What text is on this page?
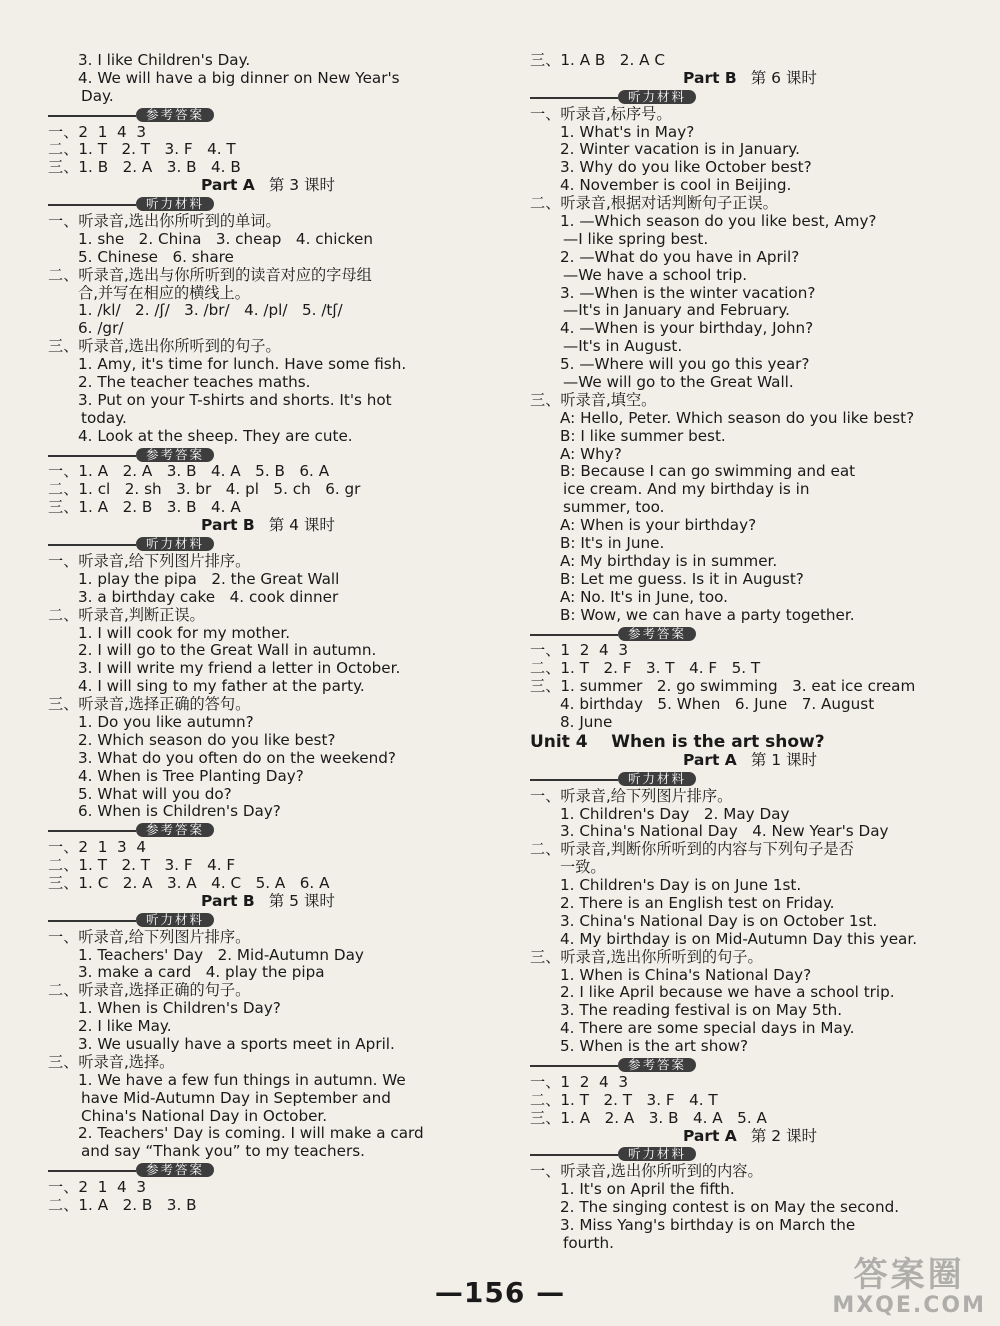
3. I like Children's Day.
4. We will have a big dinner on New Year's
Day.
参考答案
一、2  1  4  3
二、1. T   2. T   3. F   4. T
三、1. B   2. A   3. B   4. B
Part A 第 3 课时
听力材料
一、听录音,选出你所听到的单词。
1. she   2. China   3. cheap   4. chicken
5. Chinese   6. share
二、听录音,选出与你所听到的读音对应的字母组
合,并写在相应的横线上。
1. /kl/   2. /ʃ/   3. /br/   4. /pl/   5. /tʃ/
6. /gr/
三、听录音,选出你所听到的句子。
1. Amy, it's time for lunch. Have some fish.
2. The teacher teaches maths.
3. Put on your T-shirts and shorts. It's hot
today.
4. Look at the sheep. They are cute.
参考答案
一、1. A   2. A   3. B   4. A   5. B   6. A
二、1. cl   2. sh   3. br   4. pl   5. ch   6. gr
三、1. A   2. B   3. B   4. A
Part B 第 4 课时
听力材料
一、听录音,给下列图片排序。
1. play the pipa   2. the Great Wall
3. a birthday cake   4. cook dinner
二、听录音,判断正误。
1. I will cook for my mother.
2. I will go to the Great Wall in autumn.
3. I will write my friend a letter in October.
4. I will sing to my father at the party.
三、听录音,选择正确的答句。
1. Do you like autumn?
2. Which season do you like best?
3. What do you often do on the weekend?
4. When is Tree Planting Day?
5. What will you do?
6. When is Children's Day?
参考答案
一、2  1  3  4
二、1. T   2. T   3. F   4. F
三、1. C   2. A   3. A   4. C   5. A   6. A
Part B 第 5 课时
听力材料
一、听录音,给下列图片排序。
1. Teachers' Day   2. Mid-Autumn Day
3. make a card   4. play the pipa
二、听录音,选择正确的句子。
1. When is Children's Day?
2. I like May.
3. We usually have a sports meet in April.
三、听录音,选择。
1. We have a few fun things in autumn. We
have Mid-Autumn Day in September and
China's National Day in October.
2. Teachers' Day is coming. I will make a card
and say “Thank you” to my teachers.
参考答案
一、2  1  4  3
二、1. A   2. B   3. B
三、1. A B   2. A C
Part B 第 6 课时
听力材料
一、听录音,标序号。
1. What's in May?
2. Winter vacation is in January.
3. Why do you like October best?
4. November is cool in Beijing.
二、听录音,根据对话判断句子正误。
1. —Which season do you like best, Amy?
—I like spring best.
2. —What do you have in April?
—We have a school trip.
3. —When is the winter vacation?
—It's in January and February.
4. —When is your birthday, John?
—It's in August.
5. —Where will you go this year?
—We will go to the Great Wall.
三、听录音,填空。
A: Hello, Peter. Which season do you like best?
B: I like summer best.
A: Why?
B: Because I can go swimming and eat
ice cream. And my birthday is in
summer, too.
A: When is your birthday?
B: It's in June.
A: My birthday is in summer.
B: Let me guess. Is it in August?
A: No. It's in June, too.
B: Wow, we can have a party together.
参考答案
一、1  2  4  3
二、1. T   2. F   3. T   4. F   5. T
三、1. summer   2. go swimming   3. eat ice cream
4. birthday   5. When   6. June   7. August
8. June
Unit 4    When is the art show?
Part A 第 1 课时
听力材料
一、听录音,给下列图片排序。
1. Children's Day   2. May Day
3. China's National Day   4. New Year's Day
二、听录音,判断你所听到的内容与下列句子是否
一致。
1. Children's Day is on June 1st.
2. There is an English test on Friday.
3. China's National Day is on October 1st.
4. My birthday is on Mid-Autumn Day this year.
三、听录音,选出你所听到的句子。
1. When is China's National Day?
2. I like April because we have a school trip.
3. The reading festival is on May 5th.
4. There are some special days in May.
5. When is the art show?
参考答案
一、1  2  4  3
二、1. T   2. T   3. F   4. T
三、1. A   2. A   3. B   4. A   5. A
Part A 第 2 课时
听力材料
一、听录音,选出你所听到的内容。
1. It's on April the fifth.
2. The singing contest is on May the second.
3. Miss Yang's birthday is on March the
fourth.
—156 —	答案圈
MXQE.COM
